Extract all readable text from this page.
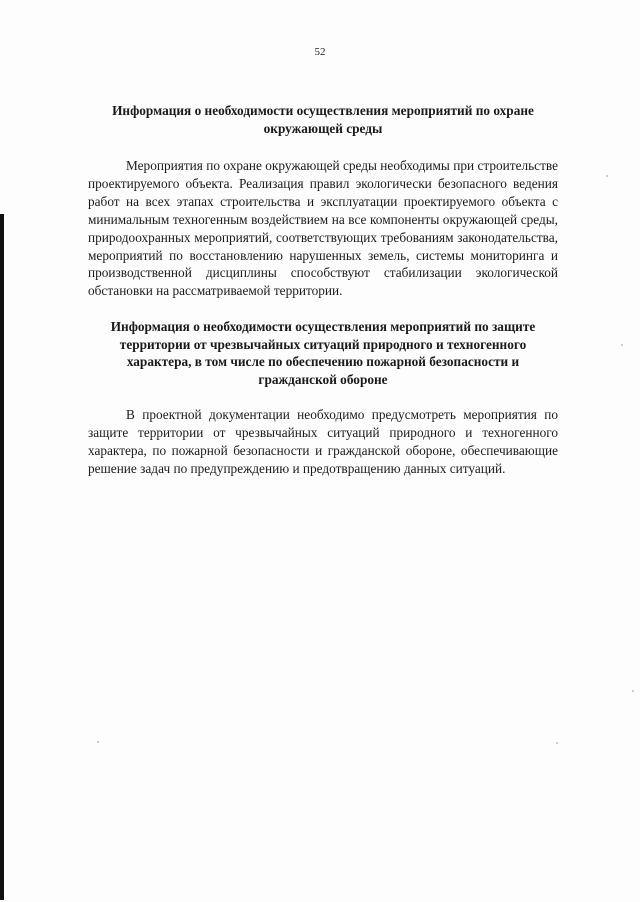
52

Информация о необходимости осуществления мероприятий по охране окружающей среды

Мероприятия по охране окружающей среды необходимы при строительстве проектируемого объекта. Реализация правил экологически безопасного ведения работ на всех этапах строительства и эксплуатации проектируемого объекта с минимальным техногенным воздействием на все компоненты окружающей среды, природоохранных мероприятий, соответствующих требованиям законодательства, мероприятий по восстановлению нарушенных земель, системы мониторинга и производственной дисциплины способствуют стабилизации экологической обстановки на рассматриваемой территории.

Информация о необходимости осуществления мероприятий по защите территории от чрезвычайных ситуаций природного и техногенного характера, в том числе по обеспечению пожарной безопасности и гражданской обороне

В проектной документации необходимо предусмотреть мероприятия по защите территории от чрезвычайных ситуаций природного и техногенного характера, по пожарной безопасности и гражданской обороне, обеспечивающие решение задач по предупреждению и предотвращению данных ситуаций.
